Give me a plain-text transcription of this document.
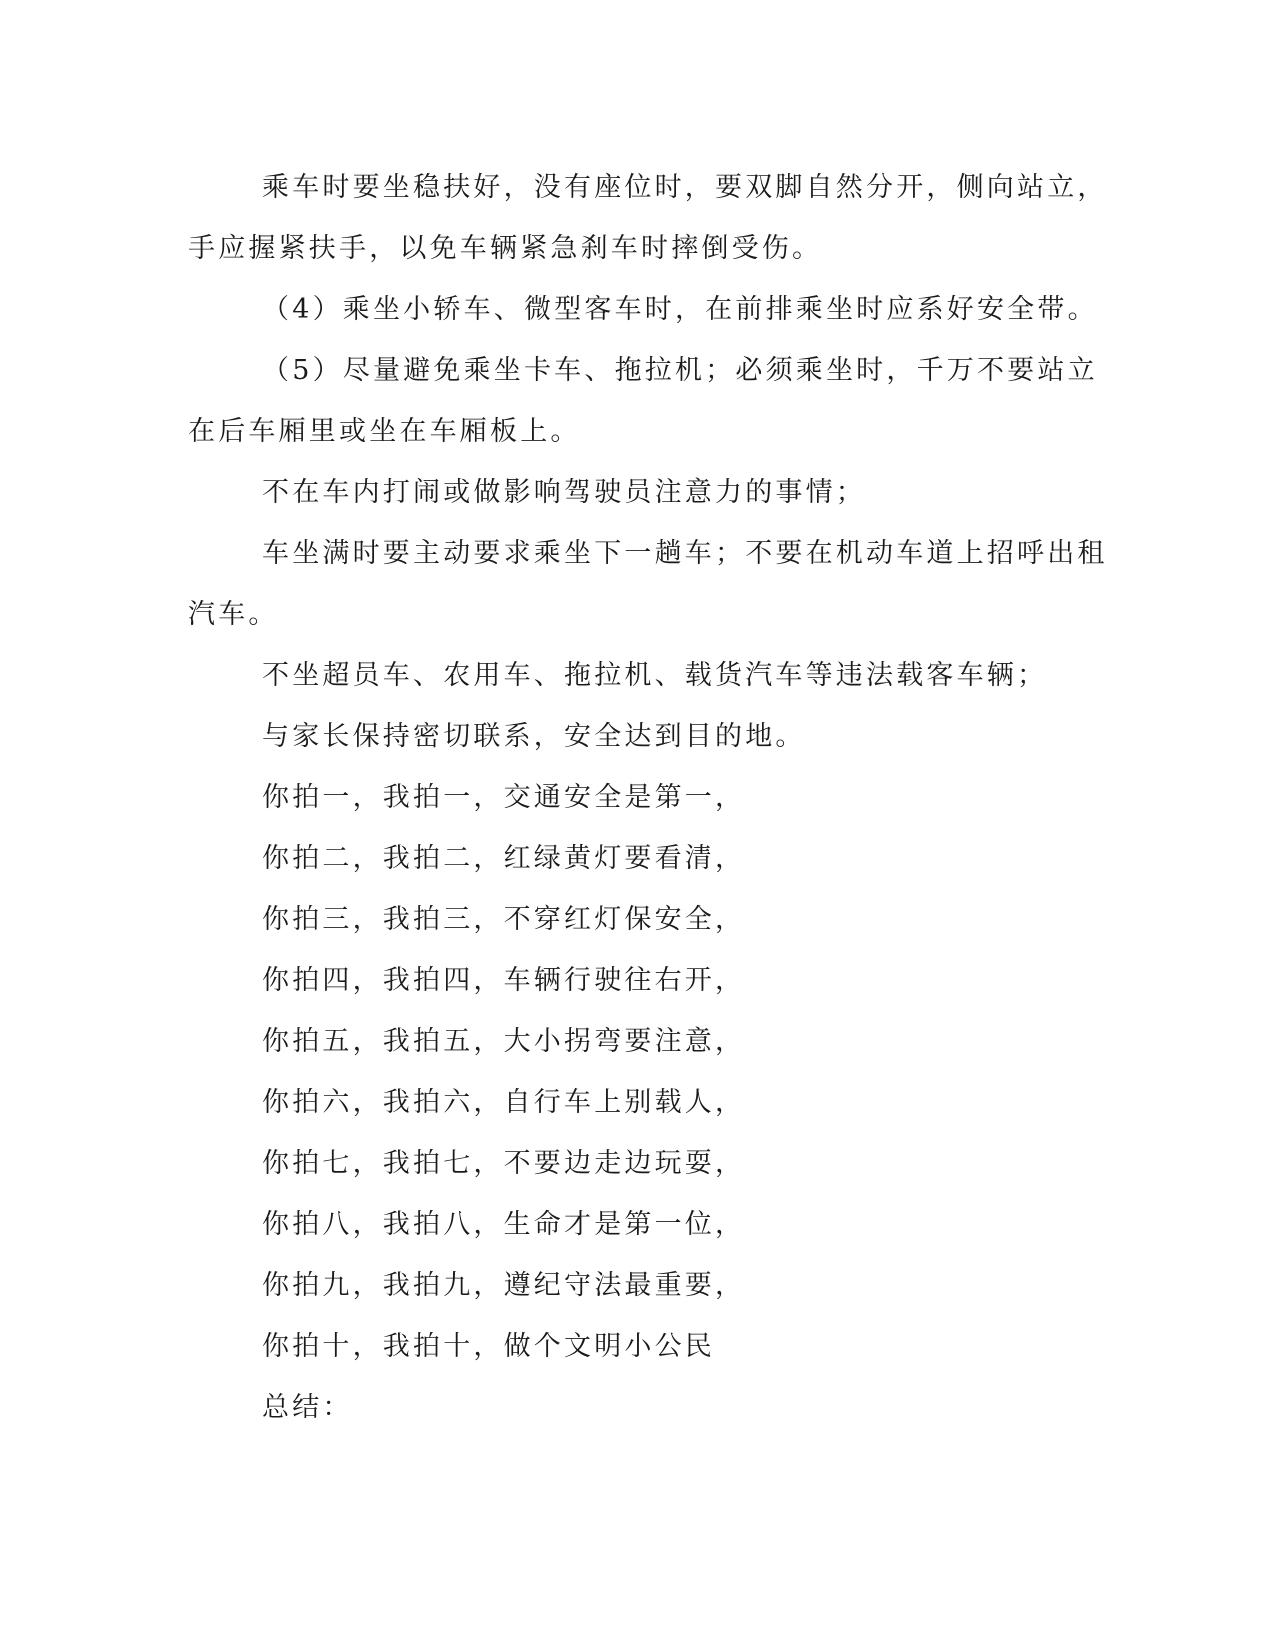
乘车时要坐稳扶好，没有座位时，要双脚自然分开，侧向站立，

手应握紧扶手，以免车辆紧急刹车时摔倒受伤。

（4）乘坐小轿车、微型客车时，在前排乘坐时应系好安全带。

（5）尽量避免乘坐卡车、拖拉机；必须乘坐时，千万不要站立

在后车厢里或坐在车厢板上。

不在车内打闹或做影响驾驶员注意力的事情；

车坐满时要主动要求乘坐下一趟车；不要在机动车道上招呼出租

汽车。

不坐超员车、农用车、拖拉机、载货汽车等违法载客车辆；

与家长保持密切联系，安全达到目的地。

你拍一，我拍一，交通安全是第一，

你拍二，我拍二，红绿黄灯要看清，

你拍三，我拍三，不穿红灯保安全，

你拍四，我拍四，车辆行驶往右开，

你拍五，我拍五，大小拐弯要注意，

你拍六，我拍六，自行车上别载人，

你拍七，我拍七，不要边走边玩耍，

你拍八，我拍八，生命才是第一位，

你拍九，我拍九，遵纪守法最重要，

你拍十，我拍十，做个文明小公民

总结：
